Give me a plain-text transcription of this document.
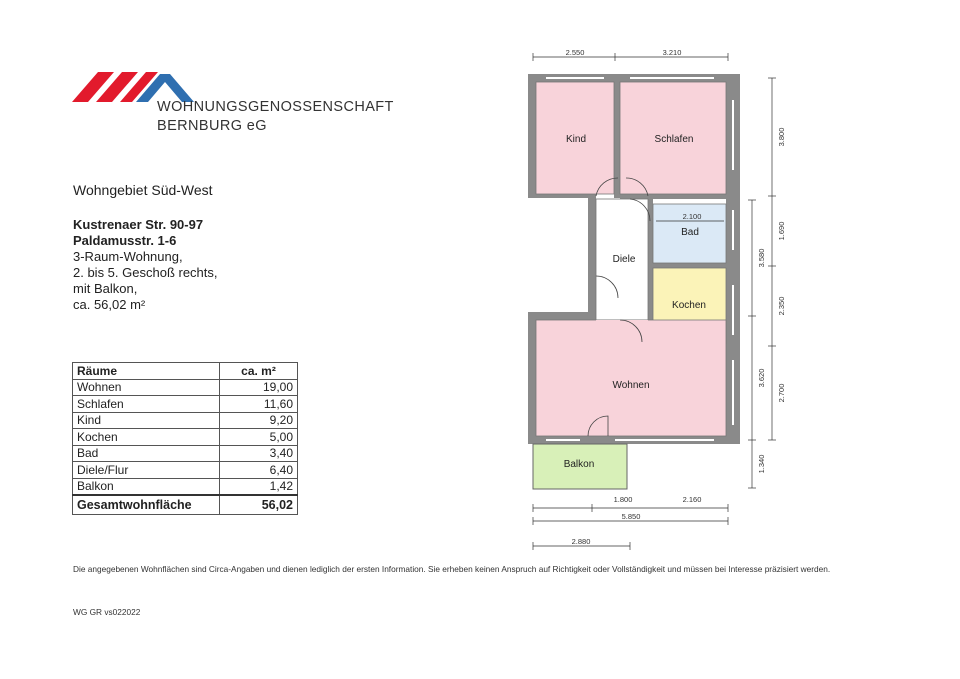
WOHNUNGSGENOSSENSCHAFT
BERNBURG eG
Wohngebiet Süd-West
Kustrenaer Str. 90-97
Paldamusstr. 1-6
3-Raum-Wohnung,
2. bis 5. Geschoß rechts,
mit Balkon,
ca. 56,02 m²
Räume	ca. m²
Wohnen	19,00
Schlafen	11,60
Kind	9,20
Kochen	5,00
Bad	3,40
Diele/Flur	6,40
Balkon	1,42
Gesamtwohnfläche	56,02
Kind	Schlafen
Bad
Diele
Kochen
Wohnen
Balkon
2.550	3.210
2.100
1.800	2.160
5.850
2.880
3.580
3.620
1.340
3.800
1.690
2.350
2.700
Die angegebenen Wohnflächen sind Circa-Angaben und dienen lediglich der ersten Information. Sie erheben keinen Anspruch auf Richtigkeit oder Vollständigkeit und müssen bei Interesse präzisiert werden.
WG GR vs022022
